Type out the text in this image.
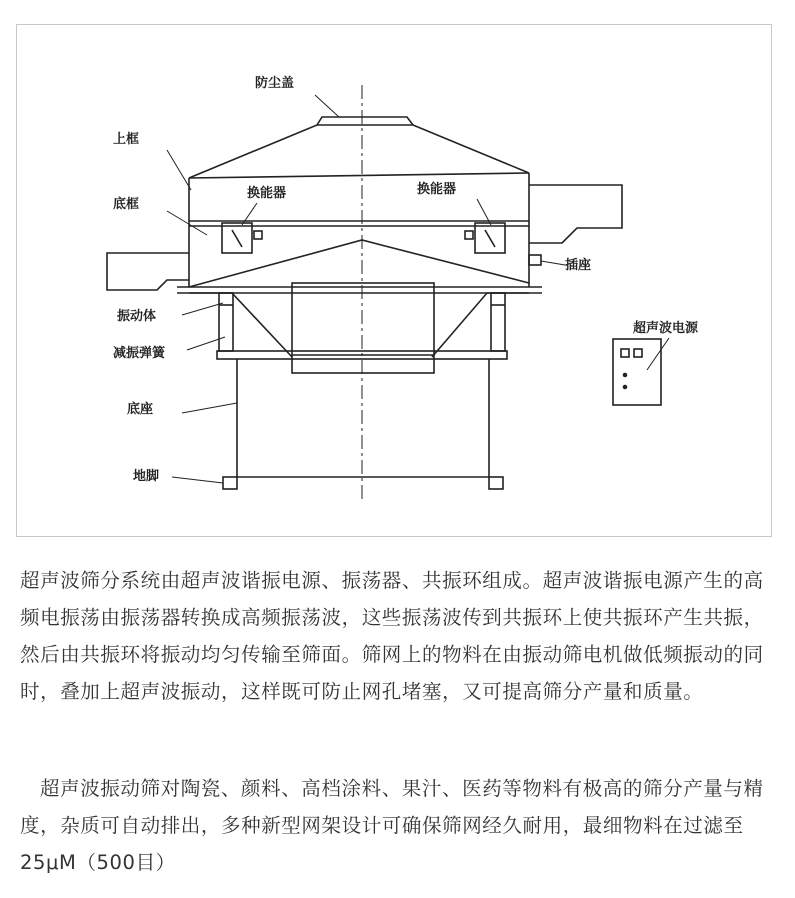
防尘盖
上框
底框
换能器	换能器
插座
振动体
减振弹簧
底座
地脚
超声波电源

超声波筛分系统由超声波谐振电源、振荡器、共振环组成。超声波谐振电源产生的高频电振荡由振荡器转换成高频振荡波，这些振荡波传到共振环上使共振环产生共振，然后由共振环将振动均匀传输至筛面。筛网上的物料在由振动筛电机做低频振动的同时，叠加上超声波振动，这样既可防止网孔堵塞，又可提高筛分产量和质量。

超声波振动筛对陶瓷、颜料、高档涂料、果汁、医药等物料有极高的筛分产量与精度，杂质可自动排出，多种新型网架设计可确保筛网经久耐用，最细物料在过滤至25μM（500目）
